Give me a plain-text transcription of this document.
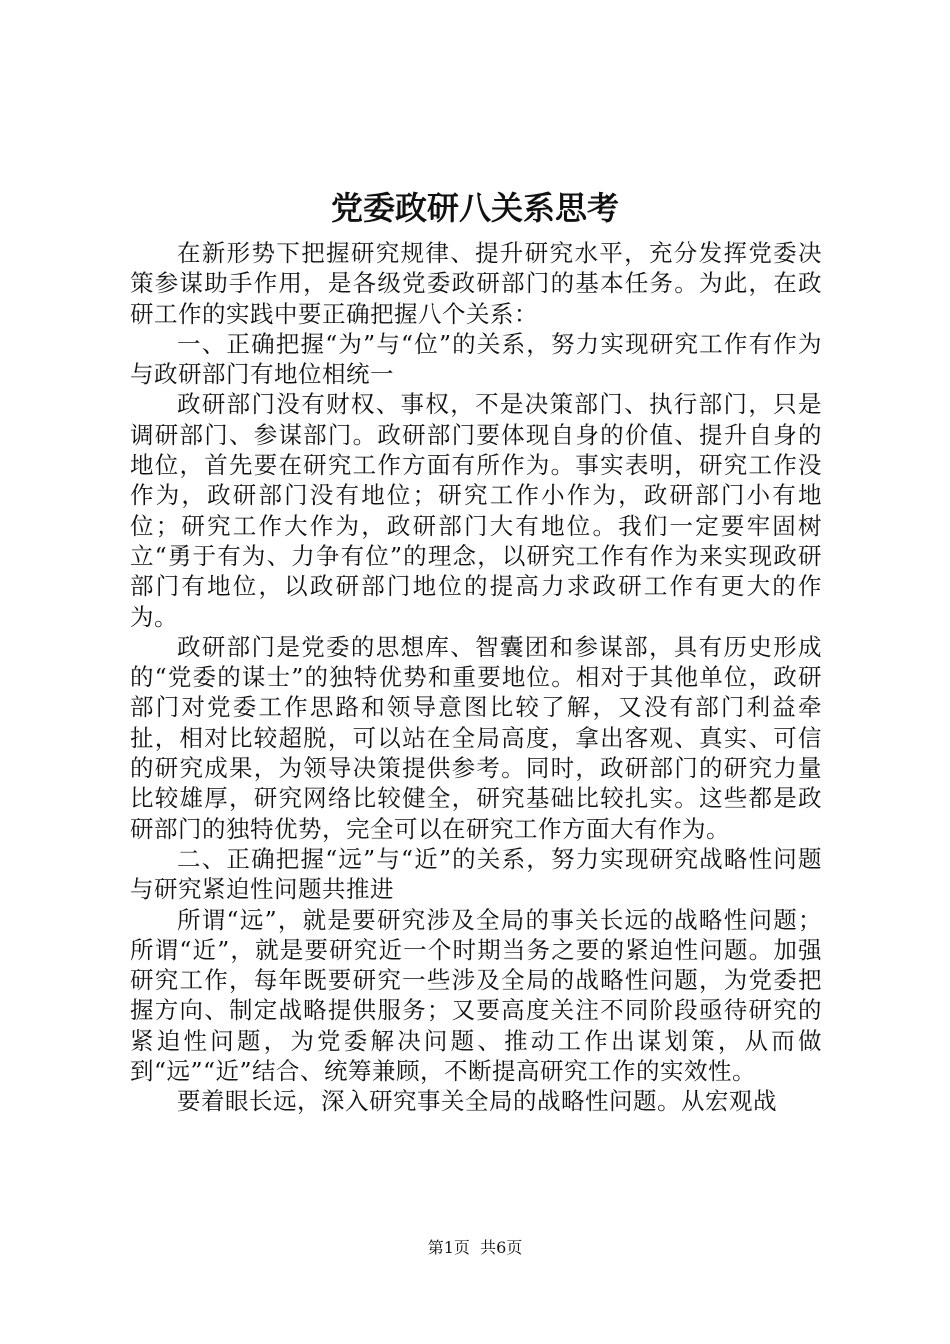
党委政研八关系思考

在新形势下把握研究规律、提升研究水平，充分发挥党委决策参谋助手作用，是各级党委政研部门的基本任务。为此，在政研工作的实践中要正确把握八个关系：

一、正确把握“为”与“位”的关系，努力实现研究工作有作为与政研部门有地位相统一

政研部门没有财权、事权，不是决策部门、执行部门，只是调研部门、参谋部门。政研部门要体现自身的价值、提升自身的地位，首先要在研究工作方面有所作为。事实表明，研究工作没作为，政研部门没有地位；研究工作小作为，政研部门小有地位；研究工作大作为，政研部门大有地位。我们一定要牢固树立“勇于有为、力争有位”的理念，以研究工作有作为来实现政研部门有地位，以政研部门地位的提高力求政研工作有更大的作为。

政研部门是党委的思想库、智囊团和参谋部，具有历史形成的“党委的谋士”的独特优势和重要地位。相对于其他单位，政研部门对党委工作思路和领导意图比较了解，又没有部门利益牵扯，相对比较超脱，可以站在全局高度，拿出客观、真实、可信的研究成果，为领导决策提供参考。同时，政研部门的研究力量比较雄厚，研究网络比较健全，研究基础比较扎实。这些都是政研部门的独特优势，完全可以在研究工作方面大有作为。

二、正确把握“远”与“近”的关系，努力实现研究战略性问题与研究紧迫性问题共推进

所谓“远”，就是要研究涉及全局的事关长远的战略性问题；所谓“近”，就是要研究近一个时期当务之要的紧迫性问题。加强研究工作，每年既要研究一些涉及全局的战略性问题，为党委把握方向、制定战略提供服务；又要高度关注不同阶段亟待研究的紧迫性问题，为党委解决问题、推动工作出谋划策，从而做到“远”“近”结合、统筹兼顾，不断提高研究工作的实效性。

要着眼长远，深入研究事关全局的战略性问题。从宏观战

第1页 共6页
